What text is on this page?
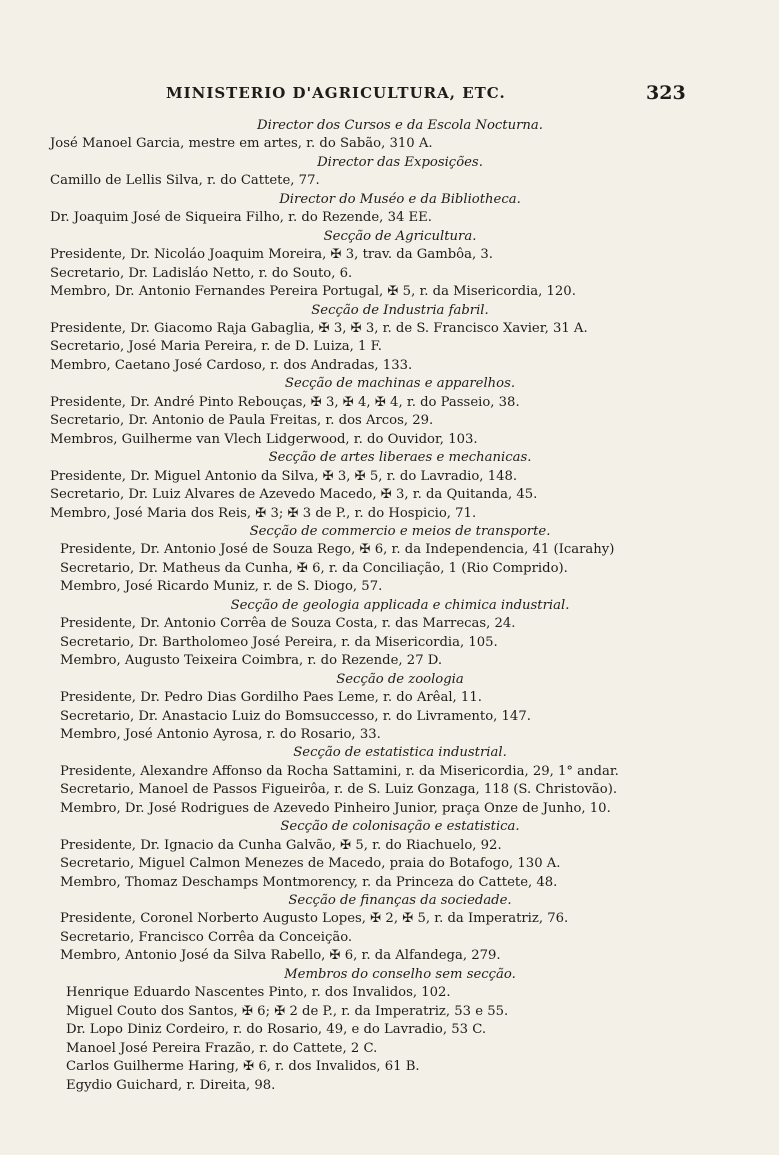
MINISTERIO D'AGRICULTURA, ETC.	323
Director dos Cursos e da Escola Nocturna.
José Manoel Garcia, mestre em artes, r. do Sabão, 310 A.
Director das Exposições.
Camillo de Lellis Silva, r. do Cattete, 77.
Director do Muséo e da Bibliotheca.
Dr. Joaquim José de Siqueira Filho, r. do Rezende, 34 EE.
Secção de Agricultura.
Presidente, Dr. Nicoláo Joaquim Moreira, ✠ 3, trav. da Gambôa, 3.
Secretario, Dr. Ladisláo Netto, r. do Souto, 6.
Membro, Dr. Antonio Fernandes Pereira Portugal, ✠ 5, r. da Misericordia, 120.
Secção de Industria fabril.
Presidente, Dr. Giacomo Raja Gabaglia, ✠ 3, ✠ 3, r. de S. Francisco Xavier, 31 A.
Secretario, José Maria Pereira, r. de D. Luiza, 1 F.
Membro, Caetano José Cardoso, r. dos Andradas, 133.
Secção de machinas e apparelhos.
Presidente, Dr. André Pinto Rebouças, ✠ 3, ✠ 4, ✠ 4, r. do Passeio, 38.
Secretario, Dr. Antonio de Paula Freitas, r. dos Arcos, 29.
Membros, Guilherme van Vlech Lidgerwood, r. do Ouvidor, 103.
Secção de artes liberaes e mechanicas.
Presidente, Dr. Miguel Antonio da Silva, ✠ 3, ✠ 5, r. do Lavradio, 148.
Secretario, Dr. Luiz Alvares de Azevedo Macedo, ✠ 3, r. da Quitanda, 45.
Membro, José Maria dos Reis, ✠ 3; ✠ 3 de P., r. do Hospicio, 71.
Secção de commercio e meios de transporte.
Presidente, Dr. Antonio José de Souza Rego, ✠ 6, r. da Independencia, 41 (Icarahy)
Secretario, Dr. Matheus da Cunha, ✠ 6, r. da Conciliação, 1 (Rio Comprido).
Membro, José Ricardo Muniz, r. de S. Diogo, 57.
Secção de geologia applicada e chimica industrial.
Presidente, Dr. Antonio Corrêa de Souza Costa, r. das Marrecas, 24.
Secretario, Dr. Bartholomeo José Pereira, r. da Misericordia, 105.
Membro, Augusto Teixeira Coimbra, r. do Rezende, 27 D.
Secção de zoologia
Presidente, Dr. Pedro Dias Gordilho Paes Leme, r. do Arêal, 11.
Secretario, Dr. Anastacio Luiz do Bomsuccesso, r. do Livramento, 147.
Membro, José Antonio Ayrosa, r. do Rosario, 33.
Secção de estatistica industrial.
Presidente, Alexandre Affonso da Rocha Sattamini, r. da Misericordia, 29, 1° andar.
Secretario, Manoel de Passos Figueirôa, r. de S. Luiz Gonzaga, 118 (S. Christovão).
Membro, Dr. José Rodrigues de Azevedo Pinheiro Junior, praça Onze de Junho, 10.
Secção de colonisação e estatistica.
Presidente, Dr. Ignacio da Cunha Galvão, ✠ 5, r. do Riachuelo, 92.
Secretario, Miguel Calmon Menezes de Macedo, praia do Botafogo, 130 A.
Membro, Thomaz Deschamps Montmorency, r. da Princeza do Cattete, 48.
Secção de finanças da sociedade.
Presidente, Coronel Norberto Augusto Lopes, ✠ 2, ✠ 5, r. da Imperatriz, 76.
Secretario, Francisco Corrêa da Conceição.
Membro, Antonio José da Silva Rabello, ✠ 6, r. da Alfandega, 279.
Membros do conselho sem secção.
Henrique Eduardo Nascentes Pinto, r. dos Invalidos, 102.
Miguel Couto dos Santos, ✠ 6; ✠ 2 de P., r. da Imperatriz, 53 e 55.
Dr. Lopo Diniz Cordeiro, r. do Rosario, 49, e do Lavradio, 53 C.
Manoel José Pereira Frazão, r. do Cattete, 2 C.
Carlos Guilherme Haring, ✠ 6, r. dos Invalidos, 61 B.
Egydio Guichard, r. Direita, 98.
